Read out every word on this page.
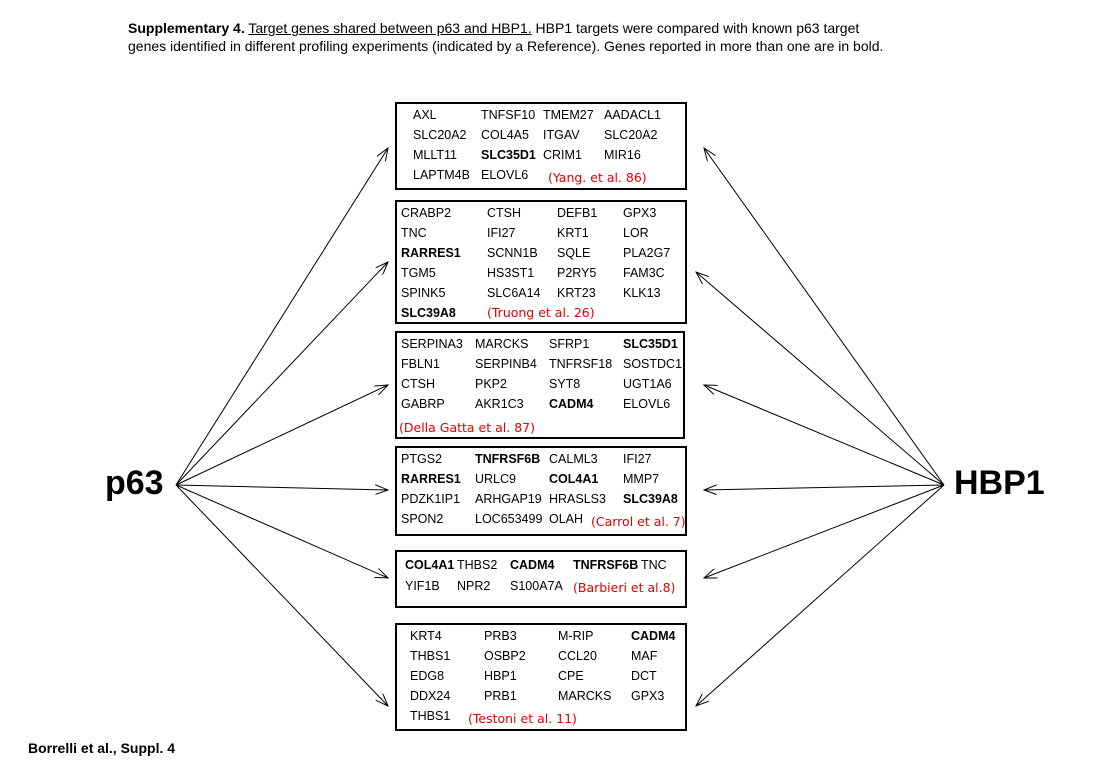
Supplementary 4. Target genes shared between p63 and HBP1. HBP1 targets were compared with known p63 target
genes identified in different profiling experiments (indicated by a Reference). Genes reported in more than one are in bold.
p63	HBP1
Borrelli et al., Suppl. 4
AXL	TNFSF10 TMEM27 AADACL1
SLC20A2 COL4A5 ITGAV SLC20A2
MLLT11 SLC35D1 CRIM1 MIR16
LAPTM4B ELOVL6 (Yang. et al. 86)
CRABP2	CTSH	DEFB1 GPX3
TNC	IFI27	KRT1	LOR
RARRES1 SCNN1B SQLE	PLA2G7
TGM5	HS3ST1 P2RY5 FAM3C
SPINK5	SLC6A14 KRT23 KLK13
SLC39A8 (Truong et al. 26)
SERPINA3 MARCKS SFRP1	SLC35D1
FBLN1	SERPINB4 TNFRSF18 SOSTDC1
CTSH	PKP2	SYT8	UGT1A6
GABRP AKR1C3 CADM4 ELOVL6
(Della Gatta et al. 87)
PTGS2	TNFRSF6B CALML3 IFI27
RARRES1 URLC9	COL4A1 MMP7
PDZK1IP1 ARHGAP19 HRASLS3 SLC39A8
SPON2	LOC653499 OLAH (Carrol et al. 7)
COL4A1 THBS2 CADM4 TNFRSF6B TNC
YIF1B NPR2 S100A7A (Barbieri et al.8)
KRT4	PRB3	M-RIP	CADM4
THBS1	OSBP2	CCL20	MAF
EDG8	HBP1	CPE	DCT
DDX24	PRB1	MARCKS GPX3
THBS1 (Testoni et al. 11)
